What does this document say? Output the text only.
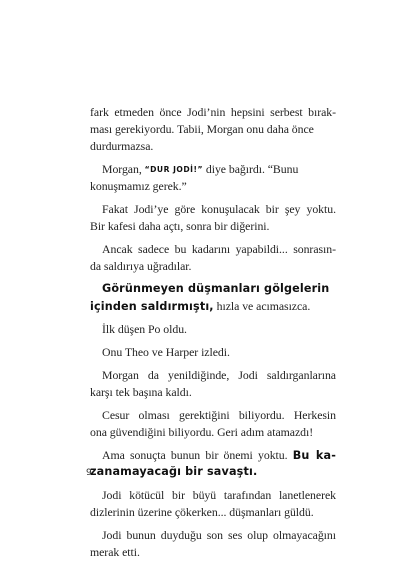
fark etmeden önce Jodi’nin hepsini serbest bırak-
ması gerekiyordu. Tabii, Morgan onu daha önce
durdurmazsa.
Morgan, “DUR JODİ!” diye bağırdı. “Bunu
konuşmamız gerek.”
Fakat Jodi’ye göre konuşulacak bir şey yoktu.
Bir kafesi daha açtı, sonra bir diğerini.
Ancak sadece bu kadarını yapabildi... sonrasın-
da saldırıya uğradılar.
Görünmeyen düşmanları gölgelerin
içinden saldırmıştı, hızla ve acımasızca.
İlk düşen Po oldu.
Onu Theo ve Harper izledi.
Morgan da yenildiğinde, Jodi saldırganlarına
karşı tek başına kaldı.
Cesur olması gerektiğini biliyordu. Herkesin
ona güvendiğini biliyordu. Geri adım atamazdı!
Ama sonuçta bunun bir önemi yoktu. Bu ka-
zanamayacağı bir savaştı.
Jodi kötücül bir büyü tarafından lanetlenerek
dizlerinin üzerine çökerken... düşmanları güldü.
Jodi bunun duyduğu son ses olup olmayacağını
merak etti.
9
